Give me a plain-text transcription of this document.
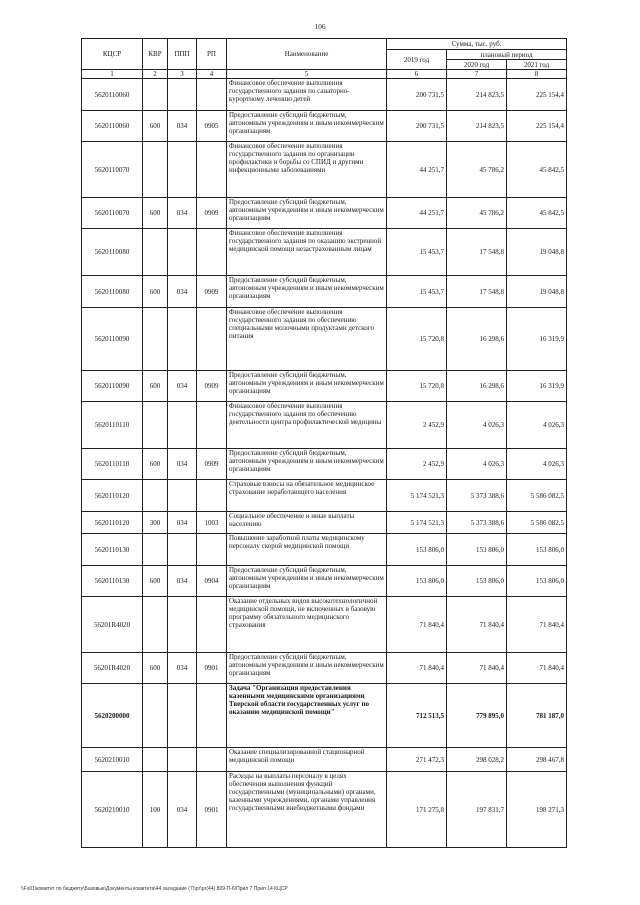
106
КЦСР	КВР	ППП	РП	Наименование	Сумма, тыс. руб.		
					2019 год	плановый период	
						2020 год	2021 год
1	2	3	4	5	6	7	8
5620110060				Финансовое обеспечение выполнения государственного задания по санаторно-курортному лечению детей	200 731,5	214 823,5	225 154,4
5620110060	600	034	0905	Предоставление субсидий бюджетным, автономным учреждениям и иным некоммерческим организациям	200 731,5	214 823,5	225 154,4
5620110070				Финансовое обеспечение выполнения государственного задания по организации профилактики и борьбы со СПИД и другими инфекционными заболеваниями	44 251,7	45 786,2	45 842,5
5620110070	600	034	0909	Предоставление субсидий бюджетным, автономным учреждениям и иным некоммерческим организациям	44 251,7	45 786,2	45 842,5
5620110080				Финансовое обеспечение выполнения государственного задания по оказанию экстренной медицинской помощи незастрахованным лицам	15 453,7	17 548,8	19 048,8
5620110080	600	034	0909	Предоставление субсидий бюджетным, автономным учреждениям и иным некоммерческим организациям	15 453,7	17 548,8	19 048,8
5620110090				Финансовое обеспечение выполнения государственного задания по обеспечению специальными молочными продуктами детского питания	15 720,8	16 298,6	16 319,9
5620110090	600	034	0909	Предоставление субсидий бюджетным, автономным учреждениям и иным некоммерческим организациям	15 720,8	16 298,6	16 319,9
5620110110				Финансовое обеспечение выполнения государственного задания по обеспечению деятельности центра профилактической медицины	2 452,9	4 026,3	4 026,3
5620110110	600	034	0909	Предоставление субсидий бюджетным, автономным учреждениям и иным некоммерческим организациям	2 452,9	4 026,3	4 026,3
5620110120				Страховые взносы на обязательное медицинское страхование неработающего населения	5 174 521,3	5 373 388,6	5 586 082,5
5620110120	300	034	1003	Социальное обеспечение и иные выплаты населению	5 174 521,3	5 373 388,6	5 586 082,5
5620110130				Повышение заработной платы медицинскому персоналу скорой медицинской помощи	153 806,0	153 806,0	153 806,0
5620110130	600	034	0904	Предоставление субсидий бюджетным, автономным учреждениям и иным некоммерческим организациям	153 806,0	153 806,0	153 806,0
56201R4020				Оказание отдельных видов высокотехнологичной медицинской помощи, не включенных в базовую программу обязательного медицинского страхования	71 840,4	71 840,4	71 840,4
56201R4020	600	034	0901	Предоставление субсидий бюджетным, автономным учреждениям и иным некоммерческим организациям	71 840,4	71 840,4	71 840,4
5620200000				Задача "Организация предоставления казенными медицинскими организациями Тверской области государственных услуг по оказанию медицинской помощи"	712 513,5	779 895,0	781 187,0
5620210010				Оказание специализированной стационарной медицинской помощи	271 472,3	298 028,2	298 467,8
5620210010	100	034	0901	Расходы на выплаты персоналу в целях обеспечения выполнения функций государственными (муниципальными) органами, казенными учреждениями, органами управления государственными внебюджетными фондами	171 275,8	197 831,7	198 271,3
\\Fs01\комитет по бюджету\Базовые\Документы комитета\44 заседание (7)\рг\рг(44) 809-П-6\Прил 7 Прил 14 КЦСР
